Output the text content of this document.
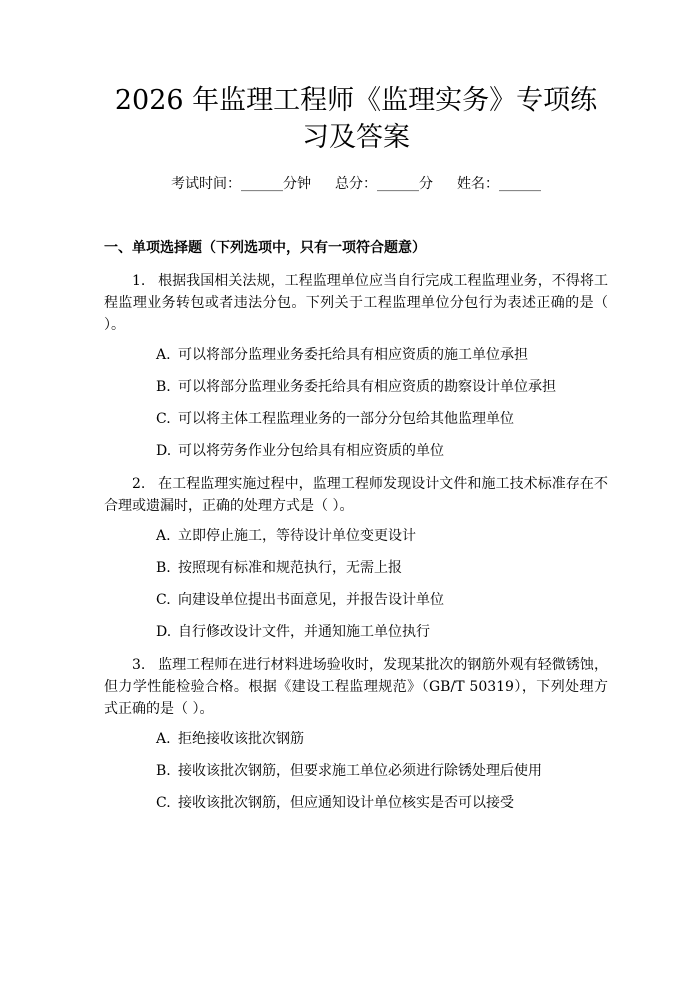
2026 年监理工程师《监理实务》专项练习及答案
考试时间：______分钟 总分：______分 姓名：______
一、单项选择题（下列选项中，只有一项符合题意）
1. 根据我国相关法规，工程监理单位应当自行完成工程监理业务，不得将工程监理业务转包或者违法分包。下列关于工程监理单位分包行为表述正确的是（ ）。
A. 可以将部分监理业务委托给具有相应资质的施工单位承担
B. 可以将部分监理业务委托给具有相应资质的勘察设计单位承担
C. 可以将主体工程监理业务的一部分分包给其他监理单位
D. 可以将劳务作业分包给具有相应资质的单位
2. 在工程监理实施过程中，监理工程师发现设计文件和施工技术标准存在不合理或遗漏时，正确的处理方式是（ ）。
A. 立即停止施工，等待设计单位变更设计
B. 按照现有标准和规范执行，无需上报
C. 向建设单位提出书面意见，并报告设计单位
D. 自行修改设计文件，并通知施工单位执行
3. 监理工程师在进行材料进场验收时，发现某批次的钢筋外观有轻微锈蚀，但力学性能检验合格。根据《建设工程监理规范》（GB/T 50319），下列处理方式正确的是（ ）。
A. 拒绝接收该批次钢筋
B. 接收该批次钢筋，但要求施工单位必须进行除锈处理后使用
C. 接收该批次钢筋，但应通知设计单位核实是否可以接受
